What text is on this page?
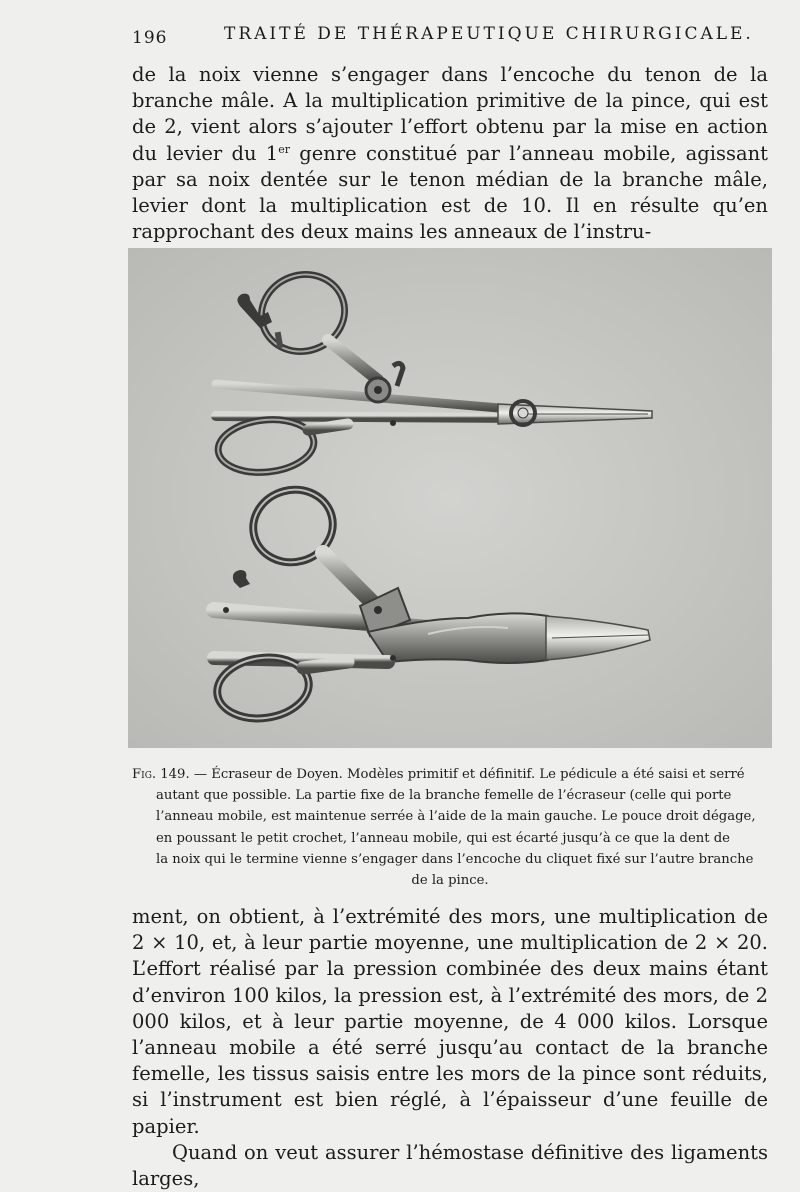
196	TRAITÉ DE THÉRAPEUTIQUE CHIRURGICALE.

de la noix vienne s’engager dans l’encoche du tenon de la branche mâle. A la multiplication primitive de la pince, qui est de 2, vient alors s’ajouter l’effort obtenu par la mise en action du levier du 1er genre constitué par l’anneau mobile, agissant par sa noix dentée sur le tenon médian de la branche mâle, levier dont la multiplication est de 10. Il en résulte qu’en rapprochant des deux mains les anneaux de l’instru-

Fig. 149. — Écraseur de Doyen. Modèles primitif et définitif. Le pédicule a été saisi et serré
autant que possible. La partie fixe de la branche femelle de l’écraseur (celle qui porte
l’anneau mobile, est maintenue serrée à l’aide de la main gauche. Le pouce droit dégage,
en poussant le petit crochet, l’anneau mobile, qui est écarté jusqu’à ce que la dent de
la noix qui le termine vienne s’engager dans l’encoche du cliquet fixé sur l’autre branche
de la pince.
ment, on obtient, à l’extrémité des mors, une multiplication de 2 × 10, et, à leur partie moyenne, une multiplication de 2 × 20. L’effort réalisé par la pression combinée des deux mains étant d’environ 100 kilos, la pression est, à l’extrémité des mors, de 2 000 kilos, et à leur partie moyenne, de 4 000 kilos. Lorsque l’anneau mobile a été serré jusqu’au contact de la branche femelle, les tissus saisis entre les mors de la pince sont réduits, si l’instrument est bien réglé, à l’épaisseur d’une feuille de papier.
Quand on veut assurer l’hémostase définitive des ligaments larges,
